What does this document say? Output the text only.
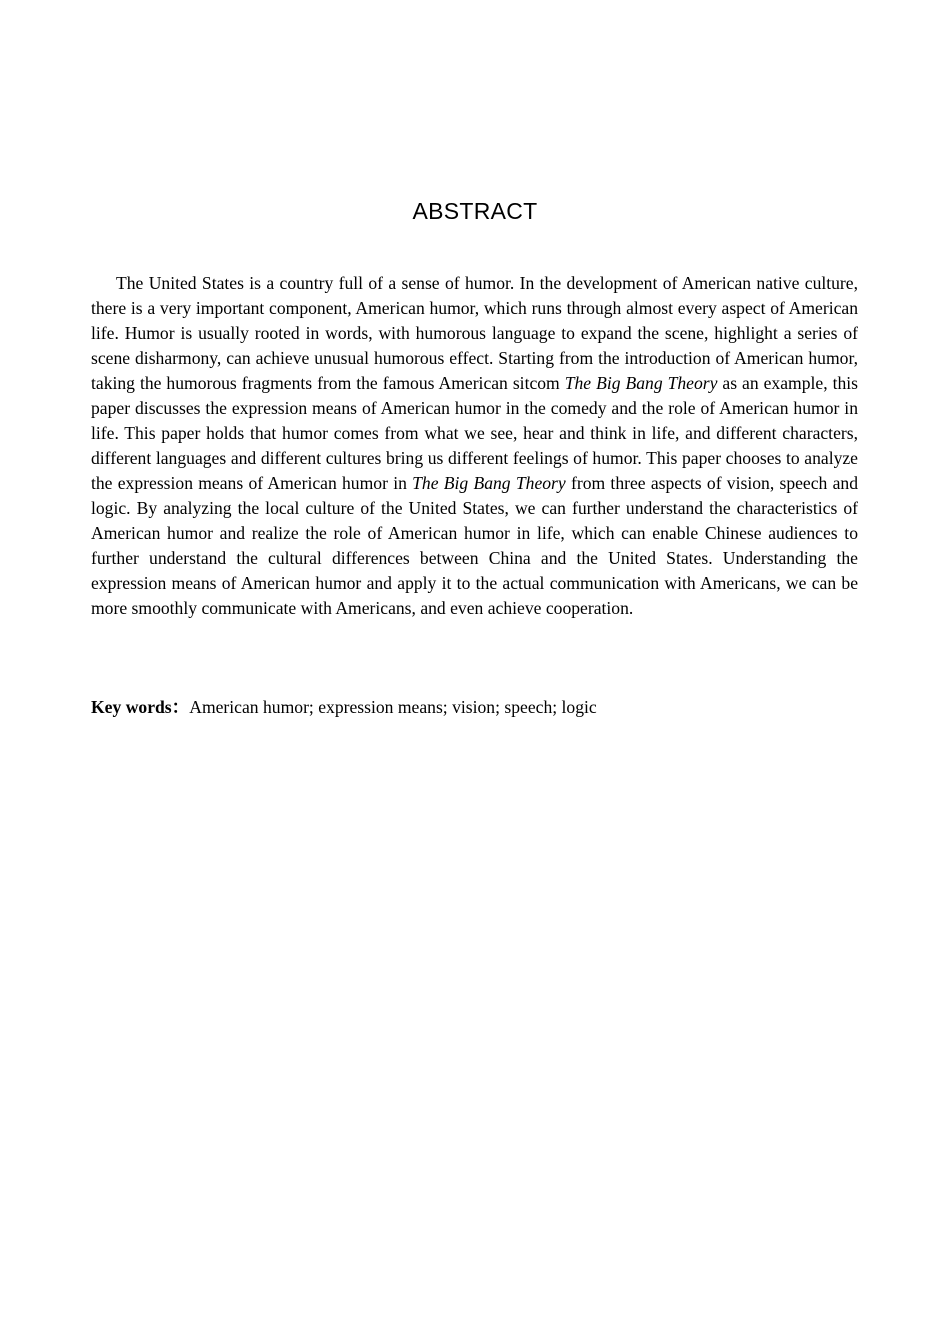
ABSTRACT

The United States is a country full of a sense of humor. In the development of American native culture, there is a very important component, American humor, which runs through almost every aspect of American life. Humor is usually rooted in words, with humorous language to expand the scene, highlight a series of scene disharmony, can achieve unusual humorous effect. Starting from the introduction of American humor, taking the humorous fragments from the famous American sitcom The Big Bang Theory as an example, this paper discusses the expression means of American humor in the comedy and the role of American humor in life. This paper holds that humor comes from what we see, hear and think in life, and different characters, different languages and different cultures bring us different feelings of humor. This paper chooses to analyze the expression means of American humor in The Big Bang Theory from three aspects of vision, speech and logic. By analyzing the local culture of the United States, we can further understand the characteristics of American humor and realize the role of American humor in life, which can enable Chinese audiences to further understand the cultural differences between China and the United States. Understanding the expression means of American humor and apply it to the actual communication with Americans, we can be more smoothly communicate with Americans, and even achieve cooperation.

Key words：American humor; expression means; vision; speech; logic
